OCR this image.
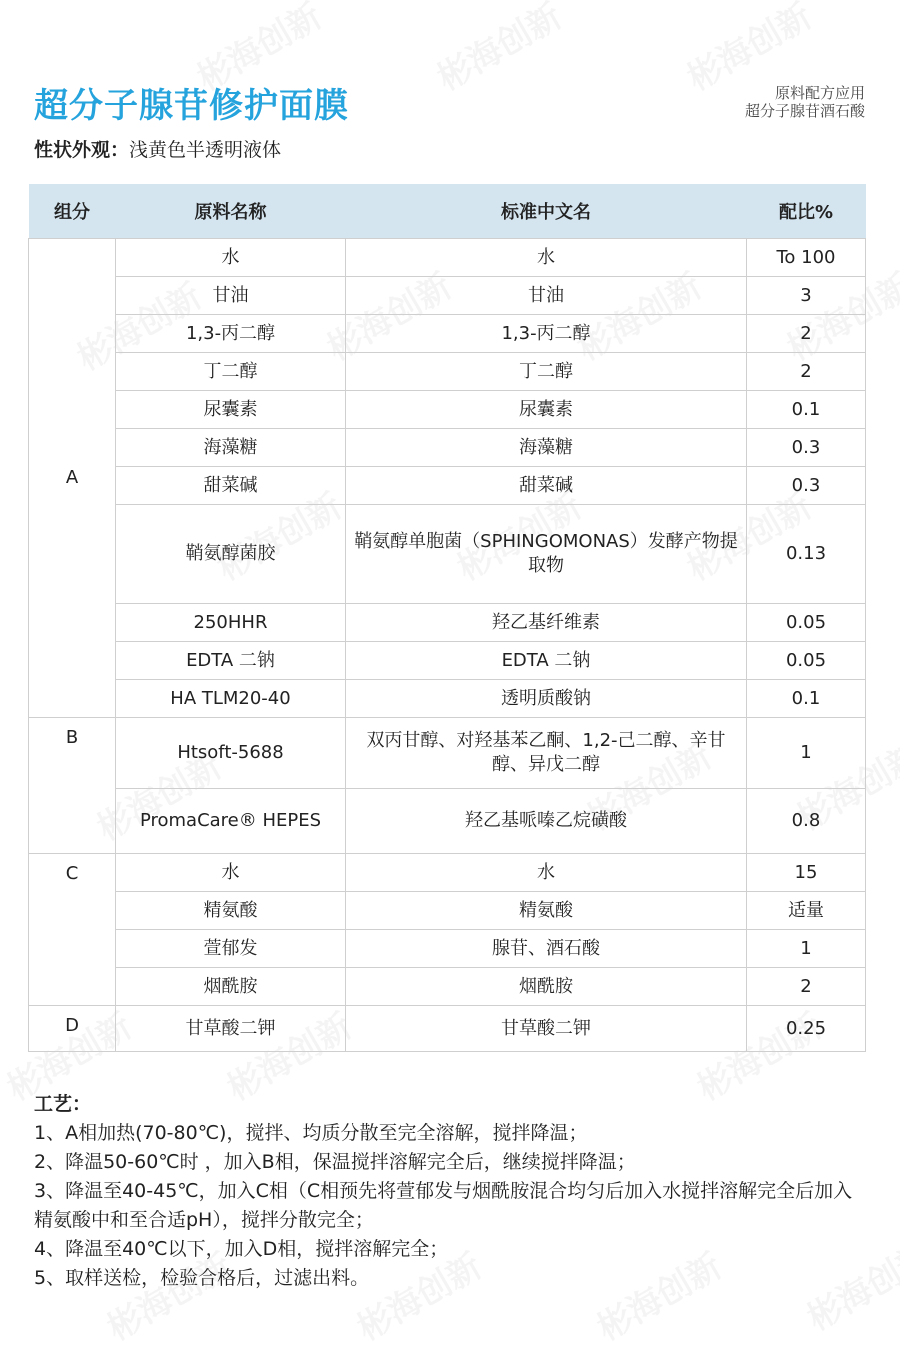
超分子腺苷修护面膜	原料配方应用
超分子腺苷酒石酸
性状外观：浅黄色半透明液体
组分	原料名称	标准中文名	配比%
A	水	水	To 100
	甘油	甘油	3
	1,3-丙二醇	1,3-丙二醇	2
	丁二醇	丁二醇	2
	尿囊素	尿囊素	0.1
	海藻糖	海藻糖	0.3
	甜菜碱	甜菜碱	0.3
	鞘氨醇菌胶	鞘氨醇单胞菌（SPHINGOMONAS）发酵产物提取物	0.13
	250HHR	羟乙基纤维素	0.05
	EDTA 二钠	EDTA 二钠	0.05
	HA TLM20-40	透明质酸钠	0.1
B	Htsoft-5688	双丙甘醇、对羟基苯乙酮、1,2-己二醇、辛甘醇、异戊二醇	1
	PromaCare® HEPES	羟乙基哌嗪乙烷磺酸	0.8
C	水	水	15
	精氨酸	精氨酸	适量
	萱郁发	腺苷、酒石酸	1
	烟酰胺	烟酰胺	2
D	甘草酸二钾	甘草酸二钾	0.25
工艺：
1、A相加热(70-80℃)，搅拌、均质分散至完全溶解，搅拌降温；
2、降温50-60℃时 ，加入B相，保温搅拌溶解完全后，继续搅拌降温；
3、降温至40-45℃，加入C相（C相预先将萱郁发与烟酰胺混合均匀后加入水搅拌溶解完全后加入精氨酸中和至合适pH），搅拌分散完全；
4、降温至40℃以下，加入D相，搅拌溶解完全；
5、取样送检，检验合格后，过滤出料。
